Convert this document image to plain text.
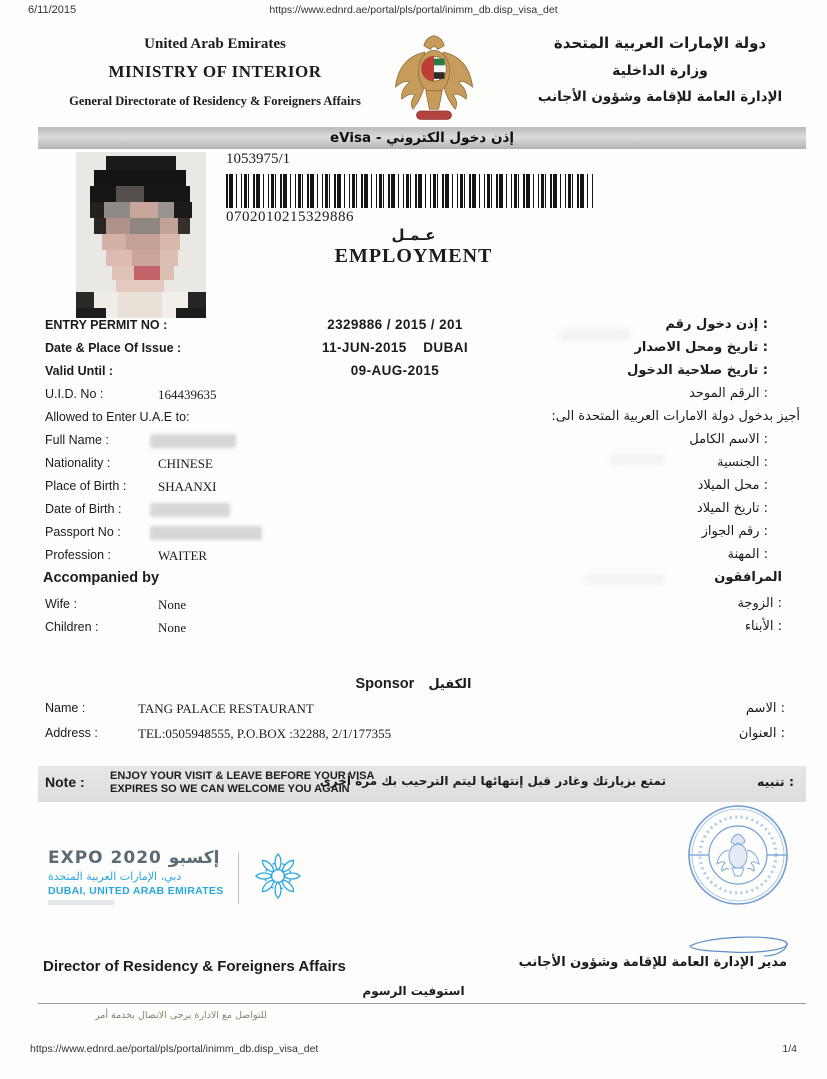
6/11/2015	https://www.ednrd.ae/portal/pls/portal/inimm_db.disp_visa_det
United Arab Emirates
MINISTRY OF INTERIOR
General Directorate of Residency & Foreigners Affairs
دولة الإمارات العربية المتحدة
وزارة الداخلية
الإدارة العامة للإقامة وشؤون الأجانب
إذن دخول الكتروني - eVisa
1053975/1
0702010215329886
عـمـل
EMPLOYMENT
ENTRY PERMIT NO :	2329886 / 2015 / 201	إذن دخول رقم :
Date & Place Of Issue :	11-JUN-2015    DUBAI	تاريخ ومحل الاصدار :
Valid Until :	09-AUG-2015	تاريخ صلاحية الدخول :
U.I.D. No :	164439635	الرقم الموحد :
Allowed to Enter U.A.E to:	أجيز بدخول دولة الامارات العربية المتحدة الى:
Full Name :	الاسم الكامل :
Nationality :	CHINESE	الجنسية :
Place of Birth : SHAANXI	محل الميلاد :
Date of Birth :	تاريخ الميلاد :
Passport No :	رقم الجواز :
Profession :	WAITER	المهنة :
Accompanied by	المرافقون
Wife :	None	الزوجة :
Children :	None	الأبناء :
Sponsor الكفيل
Name :	TANG PALACE RESTAURANT	الاسم :
Address :	TEL:0505948555, P.O.BOX :32288, 2/1/177355	العنوان :
Note : ENJOY YOUR VISIT & LEAVE BEFORE YOUR VISA
EXPIRES SO WE CAN WELCOME YOU AGAIN
تمتع بزيارتك وغادر قبل إنتهائها ليتم الترحيب بك مرة أخرى	تنبيه :
EXPO 2020 إكسبو
دبي، الإمارات العربية المتحدة
DUBAI, UNITED ARAB EMIRATES
Director of Residency & Foreigners Affairs	مدير الإدارة العامة للإقامة وشؤون الأجانب
استوفيت الرسوم
للتواصل مع الادارة يرجى الاتصال بخدمة أمر
https://www.ednrd.ae/portal/pls/portal/inimm_db.disp_visa_det	1/4
